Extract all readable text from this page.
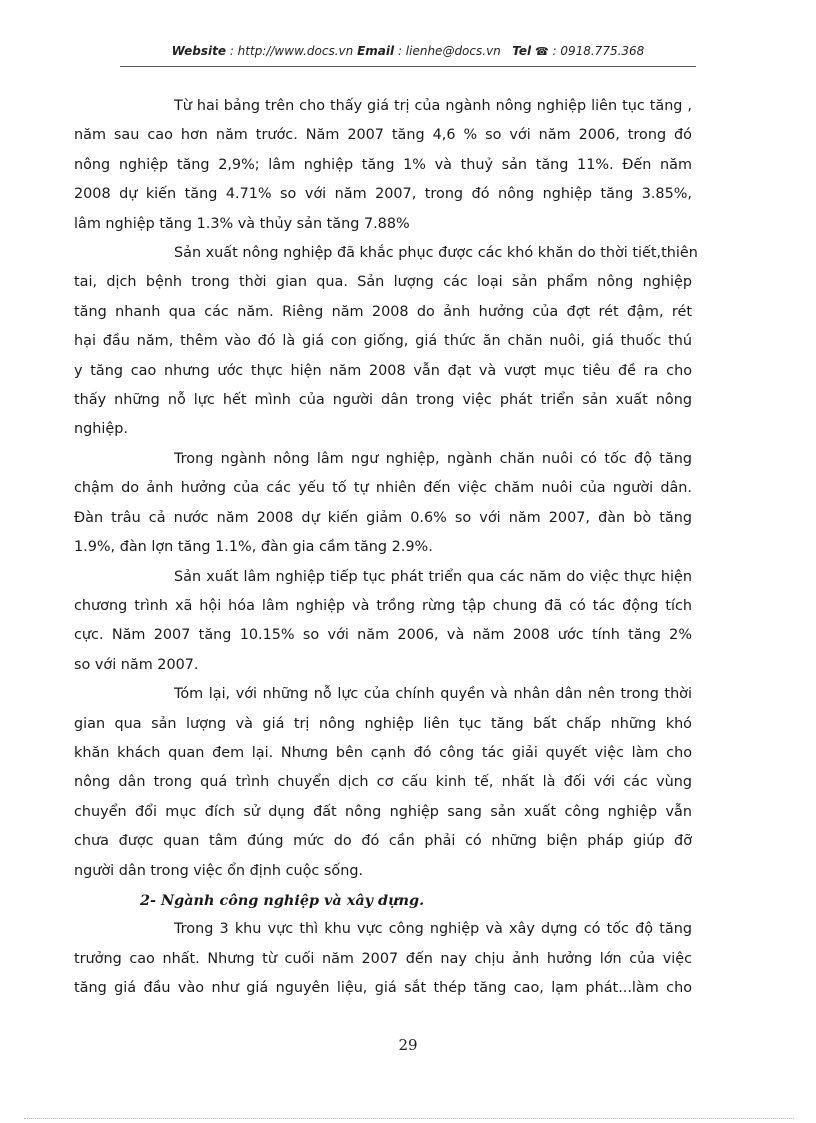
Website : http://www.docs.vn Email : lienhe@docs.vn Tel ☎ : 0918.775.368

Từ hai bảng trên cho thấy giá trị của ngành nông nghiệp liên tục tăng ,
năm sau cao hơn năm trước. Năm 2007 tăng 4,6 % so với năm 2006, trong đó
nông nghiệp tăng 2,9%; lâm nghiệp tăng 1% và thuỷ sản tăng 11%. Đến năm
2008 dự kiến tăng 4.71% so với năm 2007, trong đó nông nghiệp tăng 3.85%,
lâm nghiệp tăng 1.3% và thủy sản tăng 7.88%

Sản xuất nông nghiệp đã khắc phục được các khó khăn do thời tiết,thiên
tai, dịch bệnh trong thời gian qua. Sản lượng các loại sản phẩm nông nghiệp
tăng nhanh qua các năm. Riêng năm 2008 do ảnh hưởng của đợt rét đậm, rét
hại đầu năm, thêm vào đó là giá con giống, giá thức ăn chăn nuôi, giá thuốc thú
y tăng cao nhưng ước thực hiện năm 2008 vẫn đạt và vượt mục tiêu đề ra cho
thấy những nỗ lực hết mình của người dân trong việc phát triển sản xuất nông
nghiệp.

Trong ngành nông lâm ngư nghiệp, ngành chăn nuôi có tốc độ tăng
chậm do ảnh hưởng của các yếu tố tự nhiên đến việc chăm nuôi của người dân.
Đàn trâu cả nước năm 2008 dự kiến giảm 0.6% so với năm 2007, đàn bò tăng
1.9%, đàn lợn tăng 1.1%, đàn gia cầm tăng 2.9%.

Sản xuất lâm nghiệp tiếp tục phát triển qua các năm do việc thực hiện
chương trình xã hội hóa lâm nghiệp và trồng rừng tập chung đã có tác động tích
cực. Năm 2007 tăng 10.15% so với năm 2006, và năm 2008 ước tính tăng 2%
so với năm 2007.

Tóm lại, với những nỗ lực của chính quyền và nhân dân nên trong thời
gian qua sản lượng và giá trị nông nghiệp liên tục tăng bất chấp những khó
khăn khách quan đem lại. Nhưng bên cạnh đó công tác giải quyết việc làm cho
nông dân trong quá trình chuyển dịch cơ cấu kinh tế, nhất là đối với các vùng
chuyển đổi mục đích sử dụng đất nông nghiệp sang sản xuất công nghiệp vẫn
chưa được quan tâm đúng mức do đó cần phải có những biện pháp giúp đỡ
người dân trong việc ổn định cuộc sống.

2- Ngành công nghiệp và xây dựng.

Trong 3 khu vực thì khu vực công nghiệp và xây dựng có tốc độ tăng
trưởng cao nhất. Nhưng từ cuối năm 2007 đến nay chịu ảnh hưởng lớn của việc
tăng giá đầu vào như giá nguyên liệu, giá sắt thép tăng cao, lạm phát...làm cho

29
